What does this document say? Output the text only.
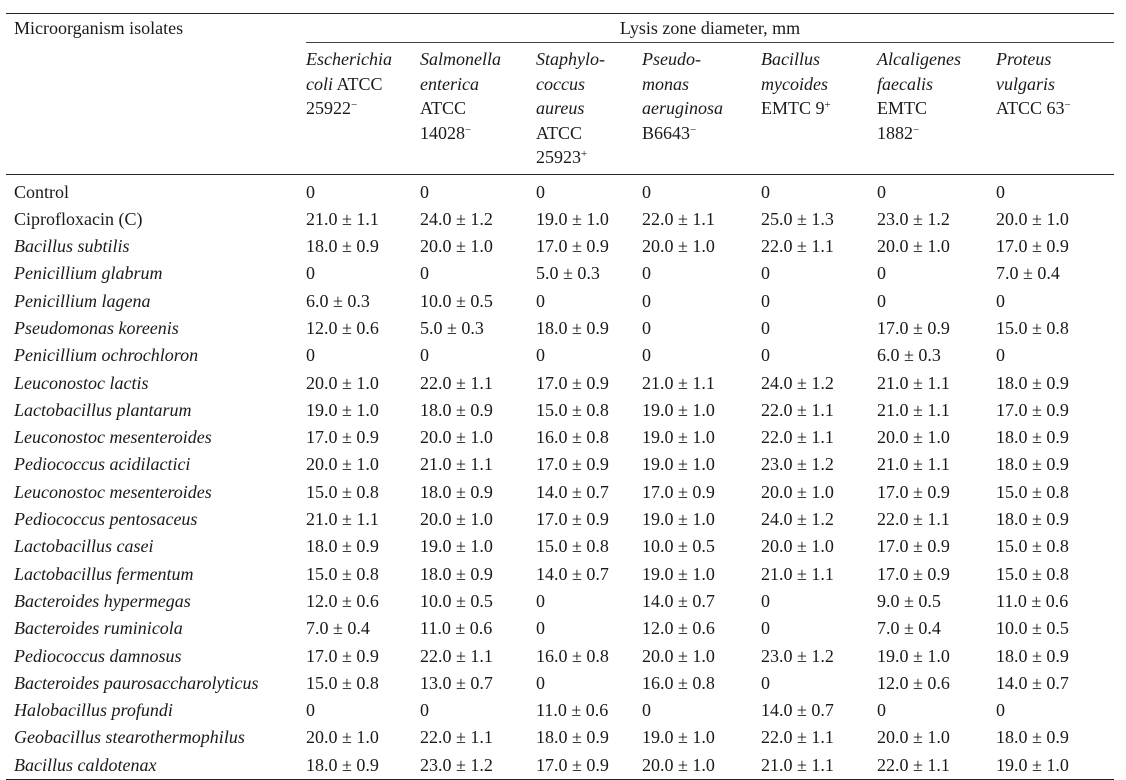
Microorganism isolates	Lysis zone diameter, mm						

	Escherichia
coli ATCC
25922−	Salmonella
enterica
ATCC
14028−	Staphylo-
coccus
aureus
ATCC
25923+	Pseudo-
monas
aeruginosa
B6643−	Bacillus
mycoides
EMTC 9+	Alcaligenes
faecalis
EMTC
1882−	Proteus
vulgaris
ATCC 63−

Control	0	0	0	0	0	0	0
Ciprofloxacin (C)	21.0 ± 1.1	24.0 ± 1.2	19.0 ± 1.0	22.0 ± 1.1	25.0 ± 1.3	23.0 ± 1.2	20.0 ± 1.0
Bacillus subtilis	18.0 ± 0.9	20.0 ± 1.0	17.0 ± 0.9	20.0 ± 1.0	22.0 ± 1.1	20.0 ± 1.0	17.0 ± 0.9
Penicillium glabrum	0	0	5.0 ± 0.3	0	0	0	7.0 ± 0.4
Penicillium lagena	6.0 ± 0.3	10.0 ± 0.5	0	0	0	0	0
Pseudomonas koreenis	12.0 ± 0.6	5.0 ± 0.3	18.0 ± 0.9	0	0	17.0 ± 0.9	15.0 ± 0.8
Penicillium ochrochloron	0	0	0	0	0	6.0 ± 0.3	0
Leuconostoc lactis	20.0 ± 1.0	22.0 ± 1.1	17.0 ± 0.9	21.0 ± 1.1	24.0 ± 1.2	21.0 ± 1.1	18.0 ± 0.9
Lactobacillus plantarum	19.0 ± 1.0	18.0 ± 0.9	15.0 ± 0.8	19.0 ± 1.0	22.0 ± 1.1	21.0 ± 1.1	17.0 ± 0.9
Leuconostoc mesenteroides	17.0 ± 0.9	20.0 ± 1.0	16.0 ± 0.8	19.0 ± 1.0	22.0 ± 1.1	20.0 ± 1.0	18.0 ± 0.9
Pediococcus acidilactici	20.0 ± 1.0	21.0 ± 1.1	17.0 ± 0.9	19.0 ± 1.0	23.0 ± 1.2	21.0 ± 1.1	18.0 ± 0.9
Leuconostoc mesenteroides	15.0 ± 0.8	18.0 ± 0.9	14.0 ± 0.7	17.0 ± 0.9	20.0 ± 1.0	17.0 ± 0.9	15.0 ± 0.8
Pediococcus pentosaceus	21.0 ± 1.1	20.0 ± 1.0	17.0 ± 0.9	19.0 ± 1.0	24.0 ± 1.2	22.0 ± 1.1	18.0 ± 0.9
Lactobacillus casei	18.0 ± 0.9	19.0 ± 1.0	15.0 ± 0.8	10.0 ± 0.5	20.0 ± 1.0	17.0 ± 0.9	15.0 ± 0.8
Lactobacillus fermentum	15.0 ± 0.8	18.0 ± 0.9	14.0 ± 0.7	19.0 ± 1.0	21.0 ± 1.1	17.0 ± 0.9	15.0 ± 0.8
Bacteroides hypermegas	12.0 ± 0.6	10.0 ± 0.5	0	14.0 ± 0.7	0	9.0 ± 0.5	11.0 ± 0.6
Bacteroides ruminicola	7.0 ± 0.4	11.0 ± 0.6	0	12.0 ± 0.6	0	7.0 ± 0.4	10.0 ± 0.5
Pediococcus damnosus	17.0 ± 0.9	22.0 ± 1.1	16.0 ± 0.8	20.0 ± 1.0	23.0 ± 1.2	19.0 ± 1.0	18.0 ± 0.9
Bacteroides paurosaccharolyticus	15.0 ± 0.8	13.0 ± 0.7	0	16.0 ± 0.8	0	12.0 ± 0.6	14.0 ± 0.7
Halobacillus profundi	0	0	11.0 ± 0.6	0	14.0 ± 0.7	0	0
Geobacillus stearothermophilus	20.0 ± 1.0	22.0 ± 1.1	18.0 ± 0.9	19.0 ± 1.0	22.0 ± 1.1	20.0 ± 1.0	18.0 ± 0.9
Bacillus caldotenax	18.0 ± 0.9	23.0 ± 1.2	17.0 ± 0.9	20.0 ± 1.0	21.0 ± 1.1	22.0 ± 1.1	19.0 ± 1.0
